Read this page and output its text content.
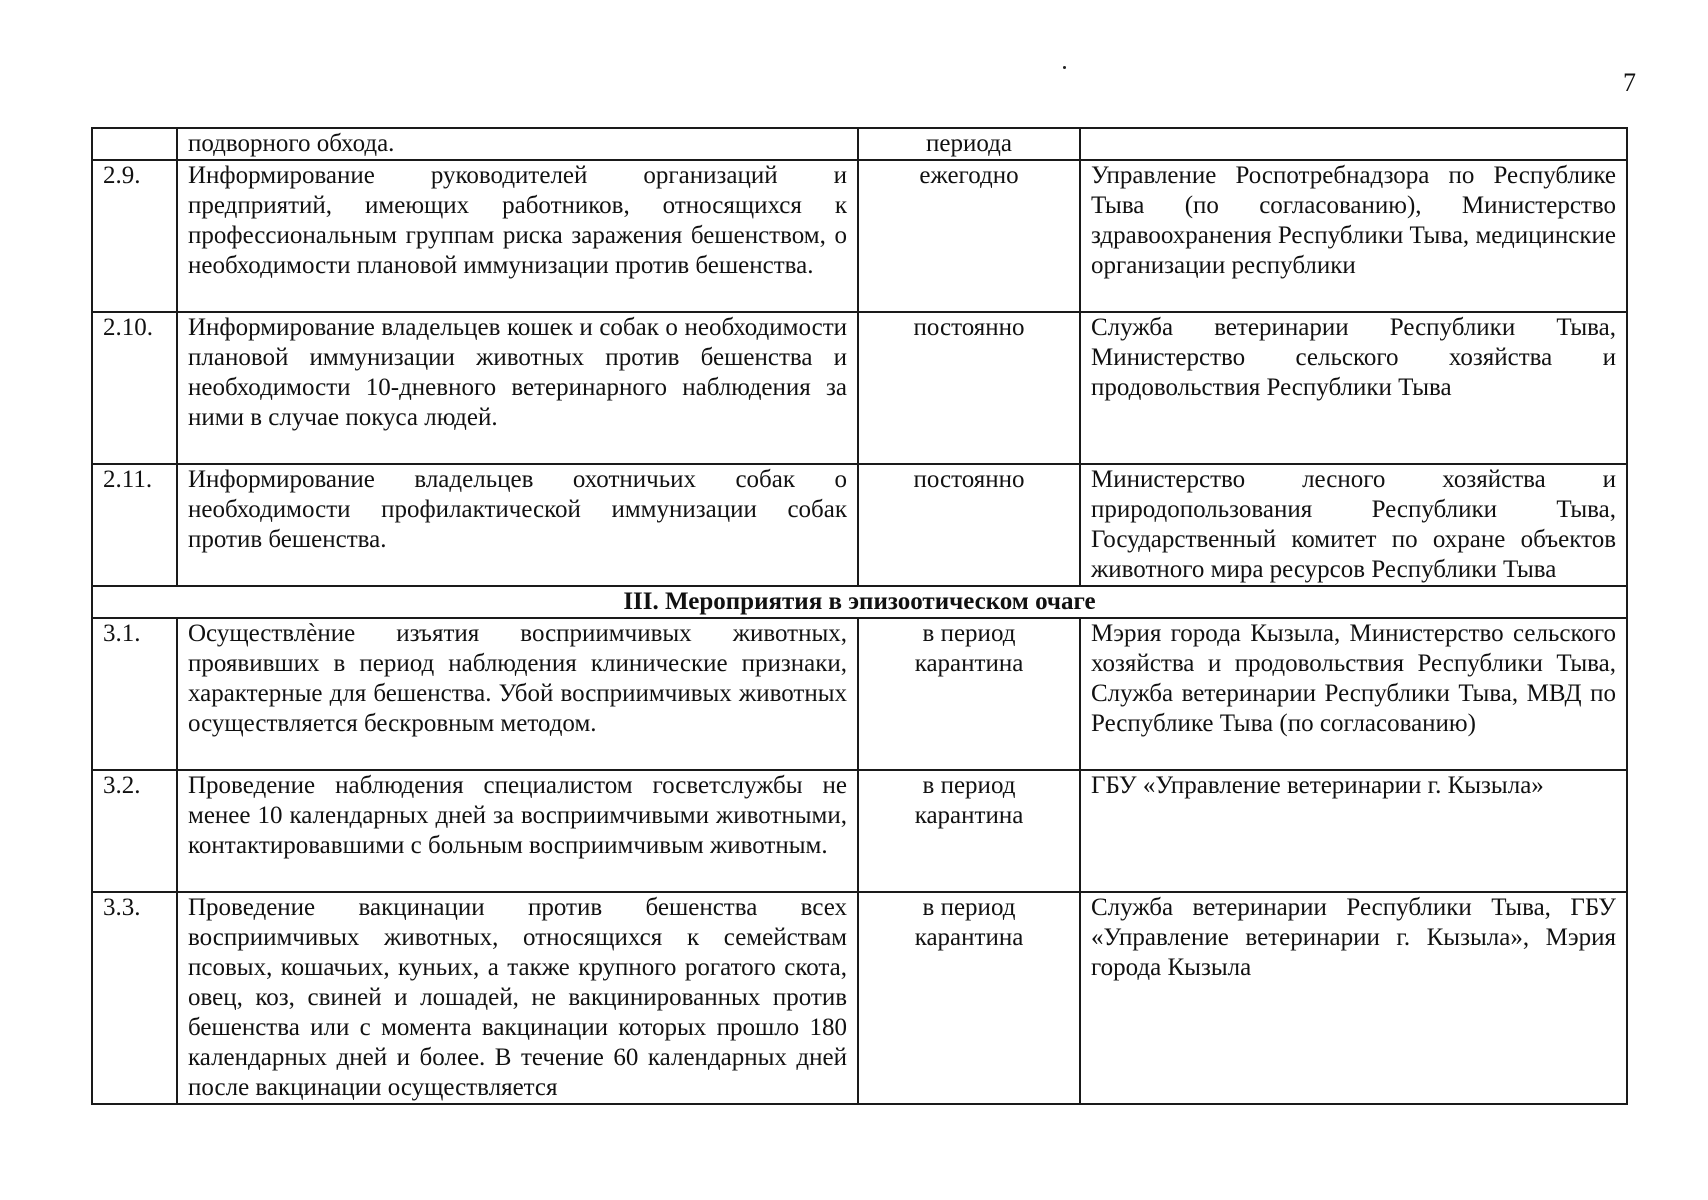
7
	подворного обхода.	периода	
2.9.	Информирование руководителей организаций и предприятий, имеющих работников, относящихся к профессиональным группам риска заражения бешенством, о необходимости плановой иммунизации против бешенства.	ежегодно	Управление Роспотребнадзора по Республике Тыва (по согласованию), Министерство здравоохранения Республики Тыва, медицинские организации республики
2.10.	Информирование владельцев кошек и собак о необходимости плановой иммунизации животных против бешенства и необходимости 10-дневного ветеринарного наблюдения за ними в случае покуса людей.	постоянно	Служба ветеринарии Республики Тыва, Министерство сельского хозяйства и продовольствия Республики Тыва
2.11.	Информирование владельцев охотничьих собак о необходимости профилактической иммунизации собак против бешенства.	постоянно	Министерство лесного хозяйства и природопользования Республики Тыва, Государственный комитет по охране объектов животного мира ресурсов Республики Тыва
III. Мероприятия в эпизоотическом очаге			
3.1.	Осуществлѐние изъятия восприимчивых животных, проявивших в период наблюдения клинические признаки, характерные для бешенства. Убой восприимчивых животных осуществляется бескровным методом.	в период карантина	Мэрия города Кызыла, Министерство сельского хозяйства и продовольствия Республики Тыва, Служба ветеринарии Республики Тыва, МВД по Республике Тыва (по согласованию)
3.2.	Проведение наблюдения специалистом госветслужбы не менее 10 календарных дней за восприимчивыми животными, контактировавшими с больным восприимчивым животным.	в период карантина	ГБУ «Управление ветеринарии г. Кызыла»
3.3.	Проведение вакцинации против бешенства всех восприимчивых животных, относящихся к семействам псовых, кошачьих, куньих, а также крупного рогатого скота, овец, коз, свиней и лошадей, не вакцинированных против бешенства или с момента вакцинации которых прошло 180 календарных дней и более. В течение 60 календарных дней после вакцинации осуществляется	в период карантина	Служба ветеринарии Республики Тыва, ГБУ «Управление ветеринарии г. Кызыла», Мэрия города Кызыла
